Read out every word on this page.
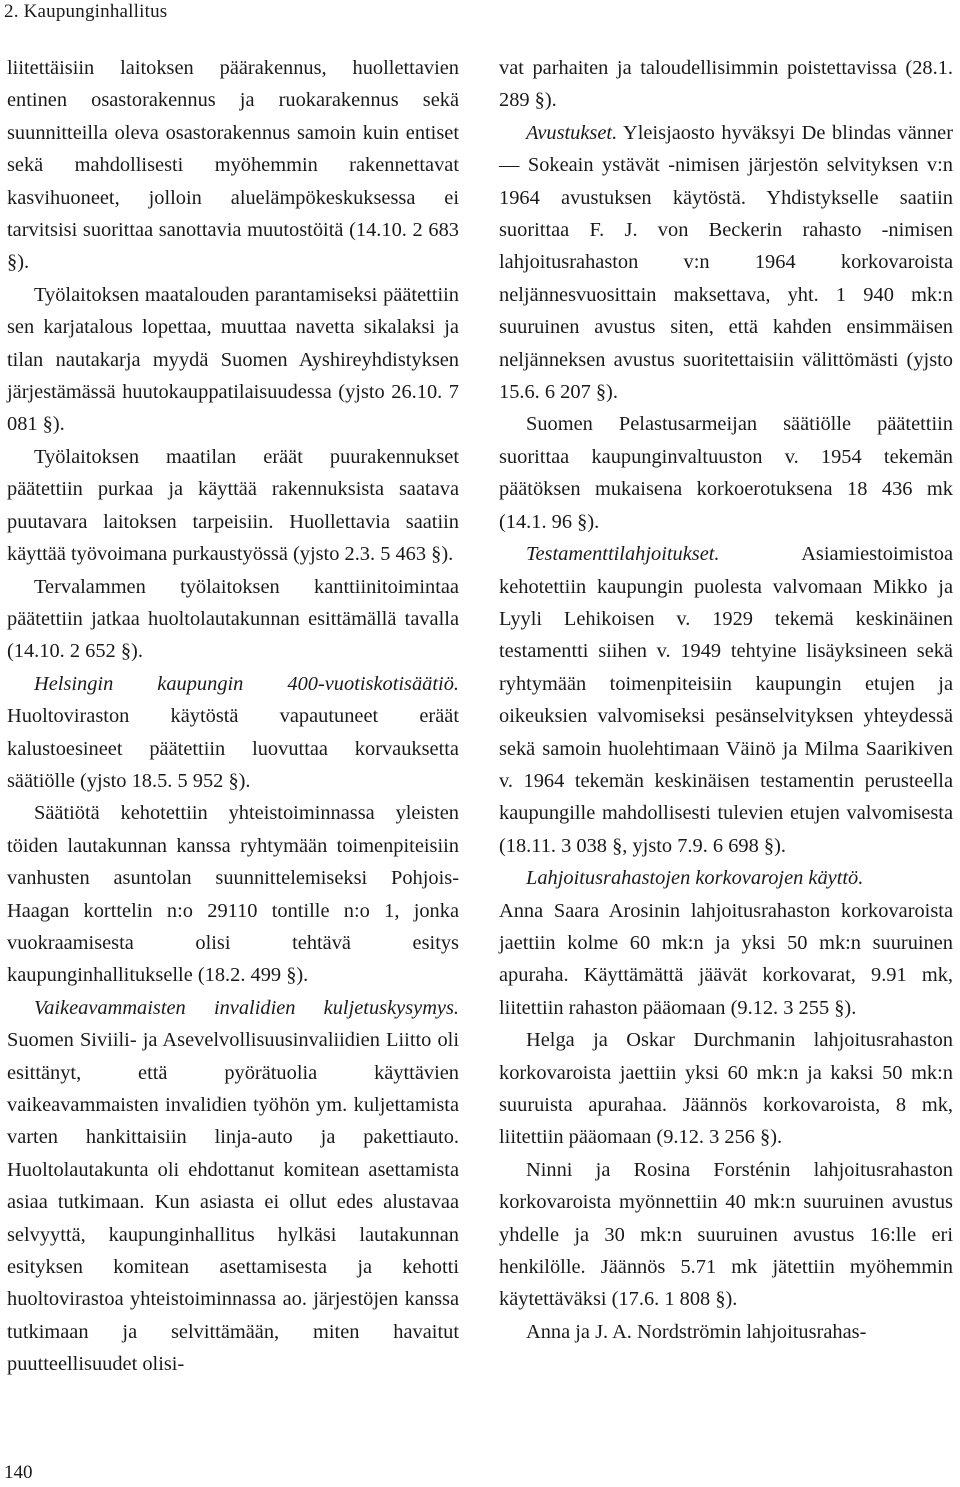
2. Kaupunginhallitus

liitettäisiin laitoksen päärakennus, huollettavien entinen osastorakennus ja ruokarakennus sekä suunnitteilla oleva osastorakennus samoin kuin entiset sekä mahdollisesti myöhemmin rakennettavat kasvihuoneet, jolloin aluelämpökeskuksessa ei tarvitsisi suorittaa sanottavia muutostöitä (14.10. 2 683 §).

Työlaitoksen maatalouden parantamiseksi päätettiin sen karjatalous lopettaa, muuttaa navetta sikalaksi ja tilan nautakarja myydä Suomen Ayshireyhdistyksen järjestämässä huutokauppatilaisuudessa (yjsto 26.10. 7 081 §).

Työlaitoksen maatilan eräät puurakennukset päätettiin purkaa ja käyttää rakennuksista saatava puutavara laitoksen tarpeisiin. Huollettavia saatiin käyttää työvoimana purkaustyössä (yjsto 2.3. 5 463 §).

Tervalammen työlaitoksen kanttiinitoimintaa päätettiin jatkaa huoltolautakunnan esittämällä tavalla (14.10. 2 652 §).

Helsingin kaupungin 400-vuotiskotisäätiö. Huoltoviraston käytöstä vapautuneet eräät kalustoesineet päätettiin luovuttaa korvauksetta säätiölle (yjsto 18.5. 5 952 §).

Säätiötä kehotettiin yhteistoiminnassa yleisten töiden lautakunnan kanssa ryhtymään toimenpiteisiin vanhusten asuntolan suunnittelemiseksi Pohjois-Haagan korttelin n:o 29110 tontille n:o 1, jonka vuokraamisesta olisi tehtävä esitys kaupunginhallitukselle (18.2. 499 §).

Vaikeavammaisten invalidien kuljetuskysymys. Suomen Siviili- ja Asevelvollisuusinvaliidien Liitto oli esittänyt, että pyörätuolia käyttävien vaikeavammaisten invalidien työhön ym. kuljettamista varten hankittaisiin linja-auto ja pakettiauto. Huoltolautakunta oli ehdottanut komitean asettamista asiaa tutkimaan. Kun asiasta ei ollut edes alustavaa selvyyttä, kaupunginhallitus hylkäsi lautakunnan esityksen komitean asettamisesta ja kehotti huoltovirastoa yhteistoiminnassa ao. järjestöjen kanssa tutkimaan ja selvittämään, miten havaitut puutteellisuudet olisi-

vat parhaiten ja taloudellisimmin poistettavissa (28.1. 289 §).

Avustukset. Yleisjaosto hyväksyi De blindas vänner — Sokeain ystävät -nimisen järjestön selvityksen v:n 1964 avustuksen käytöstä. Yhdistykselle saatiin suorittaa F. J. von Beckerin rahasto -nimisen lahjoitusrahaston v:n 1964 korkovaroista neljännesvuosittain maksettava, yht. 1 940 mk:n suuruinen avustus siten, että kahden ensimmäisen neljänneksen avustus suoritettaisiin välittömästi (yjsto 15.6. 6 207 §).

Suomen Pelastusarmeijan säätiölle päätettiin suorittaa kaupunginvaltuuston v. 1954 tekemän päätöksen mukaisena korkoerotuksena 18 436 mk (14.1. 96 §).

Testamenttilahjoitukset.	Asiamiestoimistoa kehotettiin kaupungin puolesta valvomaan Mikko ja Lyyli Lehikoisen v. 1929 tekemä keskinäinen testamentti siihen v. 1949 tehtyine lisäyksineen sekä ryhtymään toimenpiteisiin kaupungin etujen ja oikeuksien valvomiseksi pesänselvityksen yhteydessä sekä samoin huolehtimaan Väinö ja Milma Saarikiven v. 1964 tekemän keskinäisen testamentin perusteella kaupungille mahdollisesti tulevien etujen valvomisesta (18.11. 3 038 §, yjsto 7.9. 6 698 §).

Lahjoitusrahastojen korkovarojen käyttö.

Anna Saara Arosinin lahjoitusrahaston korkovaroista jaettiin kolme 60 mk:n ja yksi 50 mk:n suuruinen apuraha. Käyttämättä jäävät korkovarat, 9.91 mk, liitettiin rahaston pääomaan (9.12. 3 255 §).

Helga ja Oskar Durchmanin lahjoitusrahaston korkovaroista jaettiin yksi 60 mk:n ja kaksi 50 mk:n suuruista apurahaa. Jäännös korkovaroista, 8 mk, liitettiin pääomaan (9.12. 3 256 §).

Ninni ja Rosina Forsténin lahjoitusrahaston korkovaroista myönnettiin 40 mk:n suuruinen avustus yhdelle ja 30 mk:n suuruinen avustus 16:lle eri henkilölle. Jäännös 5.71 mk jätettiin myöhemmin käytettäväksi (17.6. 1 808 §).

Anna ja J. A. Nordströmin lahjoitusrahas-

140
